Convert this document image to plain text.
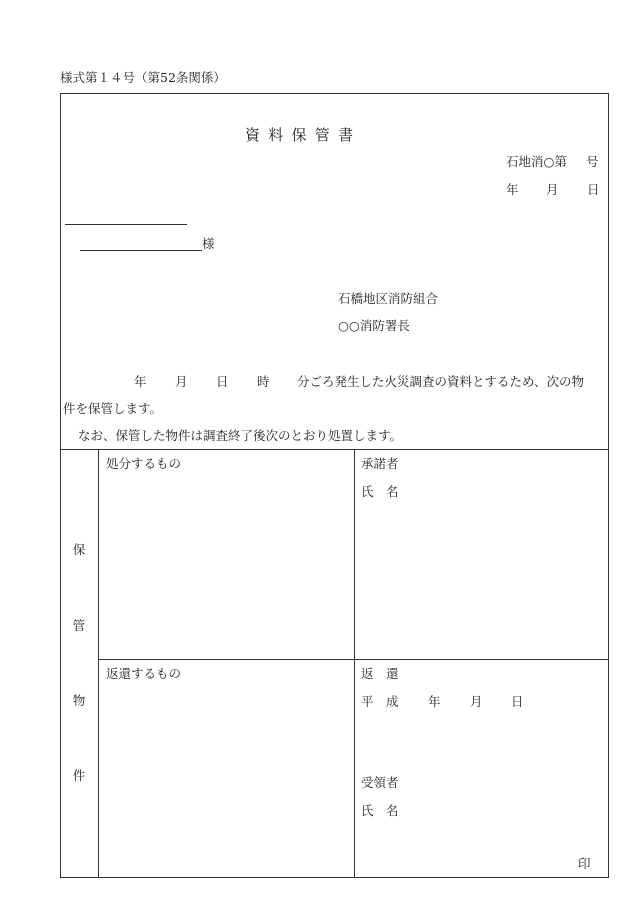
様式第１４号（第52条関係）
資料保管書
石地消○第 号
年 月 日
様
石橋地区消防組合
○○消防署長
年 月 日 時 分ごろ発生した火災調査の資料とするため、次の物
件を保管します。
なお、保管した物件は調査終了後次のとおり処置します。
保
管
物
件
処分するもの	承諾者
氏　名
返還するもの	返　還
平　成 年 月 日
受領者
氏　名
印
